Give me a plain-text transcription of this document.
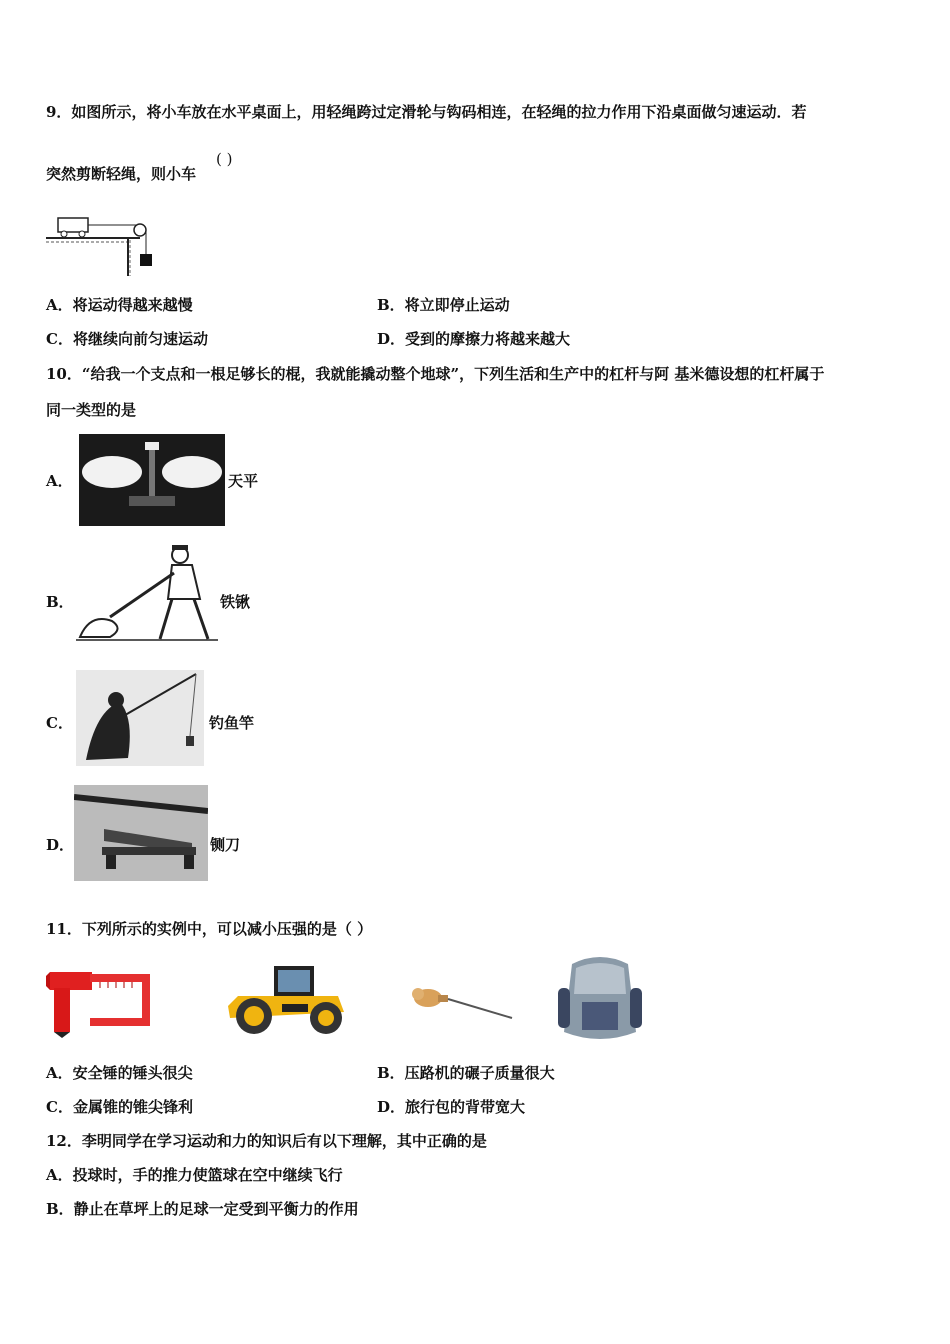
9．如图所示，将小车放在水平桌面上，用轻绳跨过定滑轮与钩码相连，在轻绳的拉力作用下沿桌面做匀速运动．若
突然剪断轻绳，则小车
( )
A．将运动得越来越慢	B．将立即停止运动
C．将继续向前匀速运动	D．受到的摩擦力将越来越大
10．“给我一个支点和一根足够长的棍，我就能撬动整个地球”，下列生活和生产中的杠杆与阿 基米德设想的杠杆属于
同一类型的是
A．	天平
B．	铁锹
C．	钓鱼竿
D．	铡刀
11．下列所示的实例中，可以减小压强的是（ ）
A．安全锤的锤头很尖	B．压路机的碾子质量很大
C．金属锥的锥尖锋利	D．旅行包的背带宽大
12．李明同学在学习运动和力的知识后有以下理解，其中正确的是
A．投球时，手的推力使篮球在空中继续飞行
B．静止在草坪上的足球一定受到平衡力的作用
